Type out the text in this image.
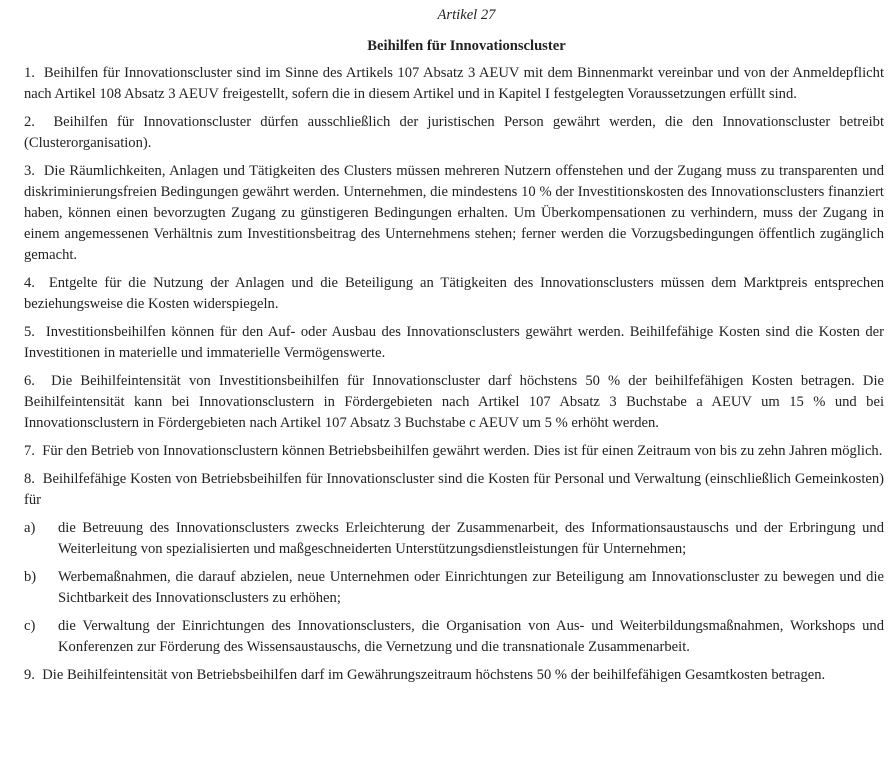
Artikel 27
Beihilfen für Innovationscluster

1. Beihilfen für Innovationscluster sind im Sinne des Artikels 107 Absatz 3 AEUV mit dem Binnenmarkt vereinbar und von der Anmeldepflicht nach Artikel 108 Absatz 3 AEUV freigestellt, sofern die in diesem Artikel und in Kapitel I festgelegten Voraussetzungen erfüllt sind.

2. Beihilfen für Innovationscluster dürfen ausschließlich der juristischen Person gewährt werden, die den Innovationscluster betreibt (Clusterorganisation).

3. Die Räumlichkeiten, Anlagen und Tätigkeiten des Clusters müssen mehreren Nutzern offenstehen und der Zugang muss zu transparenten und diskriminierungsfreien Bedingungen gewährt werden. Unternehmen, die mindestens 10 % der Investitionskosten des Innovationsclusters finanziert haben, können einen bevorzugten Zugang zu günstigeren Bedingungen erhalten. Um Überkompensationen zu verhindern, muss der Zugang in einem angemessenen Verhältnis zum Investitionsbeitrag des Unternehmens stehen; ferner werden die Vorzugsbedingungen öffentlich zugänglich gemacht.

4. Entgelte für die Nutzung der Anlagen und die Beteiligung an Tätigkeiten des Innovationsclusters müssen dem Marktpreis entsprechen beziehungsweise die Kosten widerspiegeln.

5. Investitionsbeihilfen können für den Auf- oder Ausbau des Innovationsclusters gewährt werden. Beihilfefähige Kosten sind die Kosten der Investitionen in materielle und immaterielle Vermögenswerte.

6. Die Beihilfeintensität von Investitionsbeihilfen für Innovationscluster darf höchstens 50 % der beihilfefähigen Kosten betragen. Die Beihilfeintensität kann bei Innovationsclustern in Fördergebieten nach Artikel 107 Absatz 3 Buchstabe a AEUV um 15 % und bei Innovationsclustern in Fördergebieten nach Artikel 107 Absatz 3 Buchstabe c AEUV um 5 % erhöht werden.

7. Für den Betrieb von Innovationsclustern können Betriebsbeihilfen gewährt werden. Dies ist für einen Zeitraum von bis zu zehn Jahren möglich.

8. Beihilfefähige Kosten von Betriebsbeihilfen für Innovationscluster sind die Kosten für Personal und Verwaltung (einschließlich Gemeinkosten) für

a) die Betreuung des Innovationsclusters zwecks Erleichterung der Zusammenarbeit, des Informationsaustauschs und der Erbringung und Weiterleitung von spezialisierten und maßgeschneiderten Unterstützungsdienstleistungen für Unternehmen;
b) Werbemaßnahmen, die darauf abzielen, neue Unternehmen oder Einrichtungen zur Beteiligung am Innovationscluster zu bewegen und die Sichtbarkeit des Innovationsclusters zu erhöhen;
c) die Verwaltung der Einrichtungen des Innovationsclusters, die Organisation von Aus- und Weiterbildungsmaßnahmen, Workshops und Konferenzen zur Förderung des Wissensaustauschs, die Vernetzung und die transnationale Zusammenarbeit.

9. Die Beihilfeintensität von Betriebsbeihilfen darf im Gewährungszeitraum höchstens 50 % der beihilfefähigen Gesamtkosten betragen.
